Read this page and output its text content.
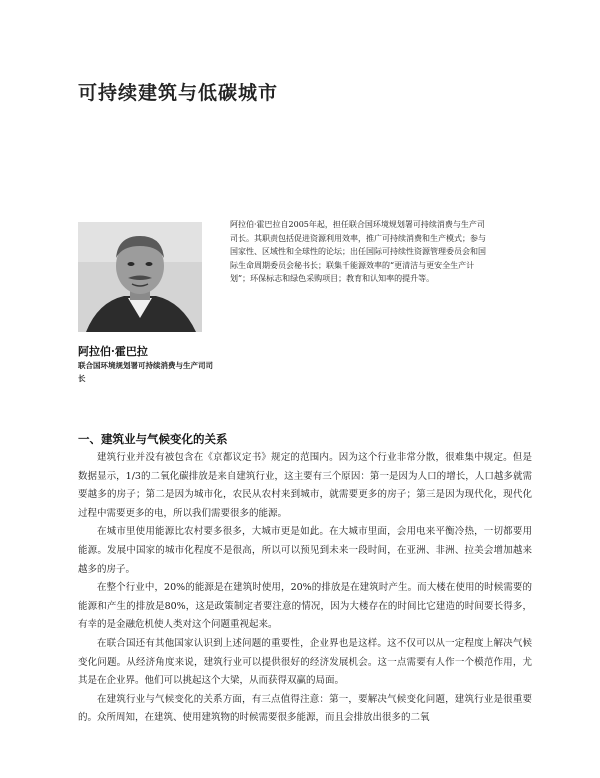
可持续建筑与低碳城市
阿拉伯·霍巴拉自2005年起，担任联合国环境规划署可持续消费与生产司司长。其职责包括促进资源利用效率，推广可持续消费和生产模式；参与国家性、区域性和全球性的论坛；出任国际可持续性资源管理委员会和国际生命周期委员会秘书长；联集千能源效率的“更清洁与更安全生产计划”；环保标志和绿色采购项目；教育和认知率的提升等。
阿拉伯·霍巴拉
联合国环境规划署可持续消费与生产司司长
一、建筑业与气候变化的关系

建筑行业并没有被包含在《京都议定书》规定的范围内。因为这个行业非常分散，很难集中规定。但是数据显示，1/3的二氧化碳排放是来自建筑行业，这主要有三个原因：第一是因为人口的增长，人口越多就需要越多的房子；第二是因为城市化，农民从农村来到城市，就需要更多的房子；第三是因为现代化，现代化过程中需要更多的电，所以我们需要很多的能源。

在城市里使用能源比农村要多很多，大城市更是如此。在大城市里面，会用电来平衡冷热，一切都要用能源。发展中国家的城市化程度不是很高，所以可以预见到未来一段时间，在亚洲、非洲、拉美会增加越来越多的房子。

在整个行业中，20%的能源是在建筑时使用，20%的排放是在建筑时产生。而大楼在使用的时候需要的能源和产生的排放是80%，这是政策制定者要注意的情况，因为大楼存在的时间比它建造的时间要长得多，有幸的是金融危机使人类对这个问题重视起来。

在联合国还有其他国家认识到上述问题的重要性，企业界也是这样。这不仅可以从一定程度上解决气候变化问题。从经济角度来说，建筑行业可以提供很好的经济发展机会。这一点需要有人作一个模范作用，尤其是在企业界。他们可以挑起这个大梁，从而获得双赢的局面。

在建筑行业与气候变化的关系方面，有三点值得注意：第一，要解决气候变化问题，建筑行业是很重要的。众所周知，在建筑、使用建筑物的时候需要很多能源，而且会排放出很多的二氧
